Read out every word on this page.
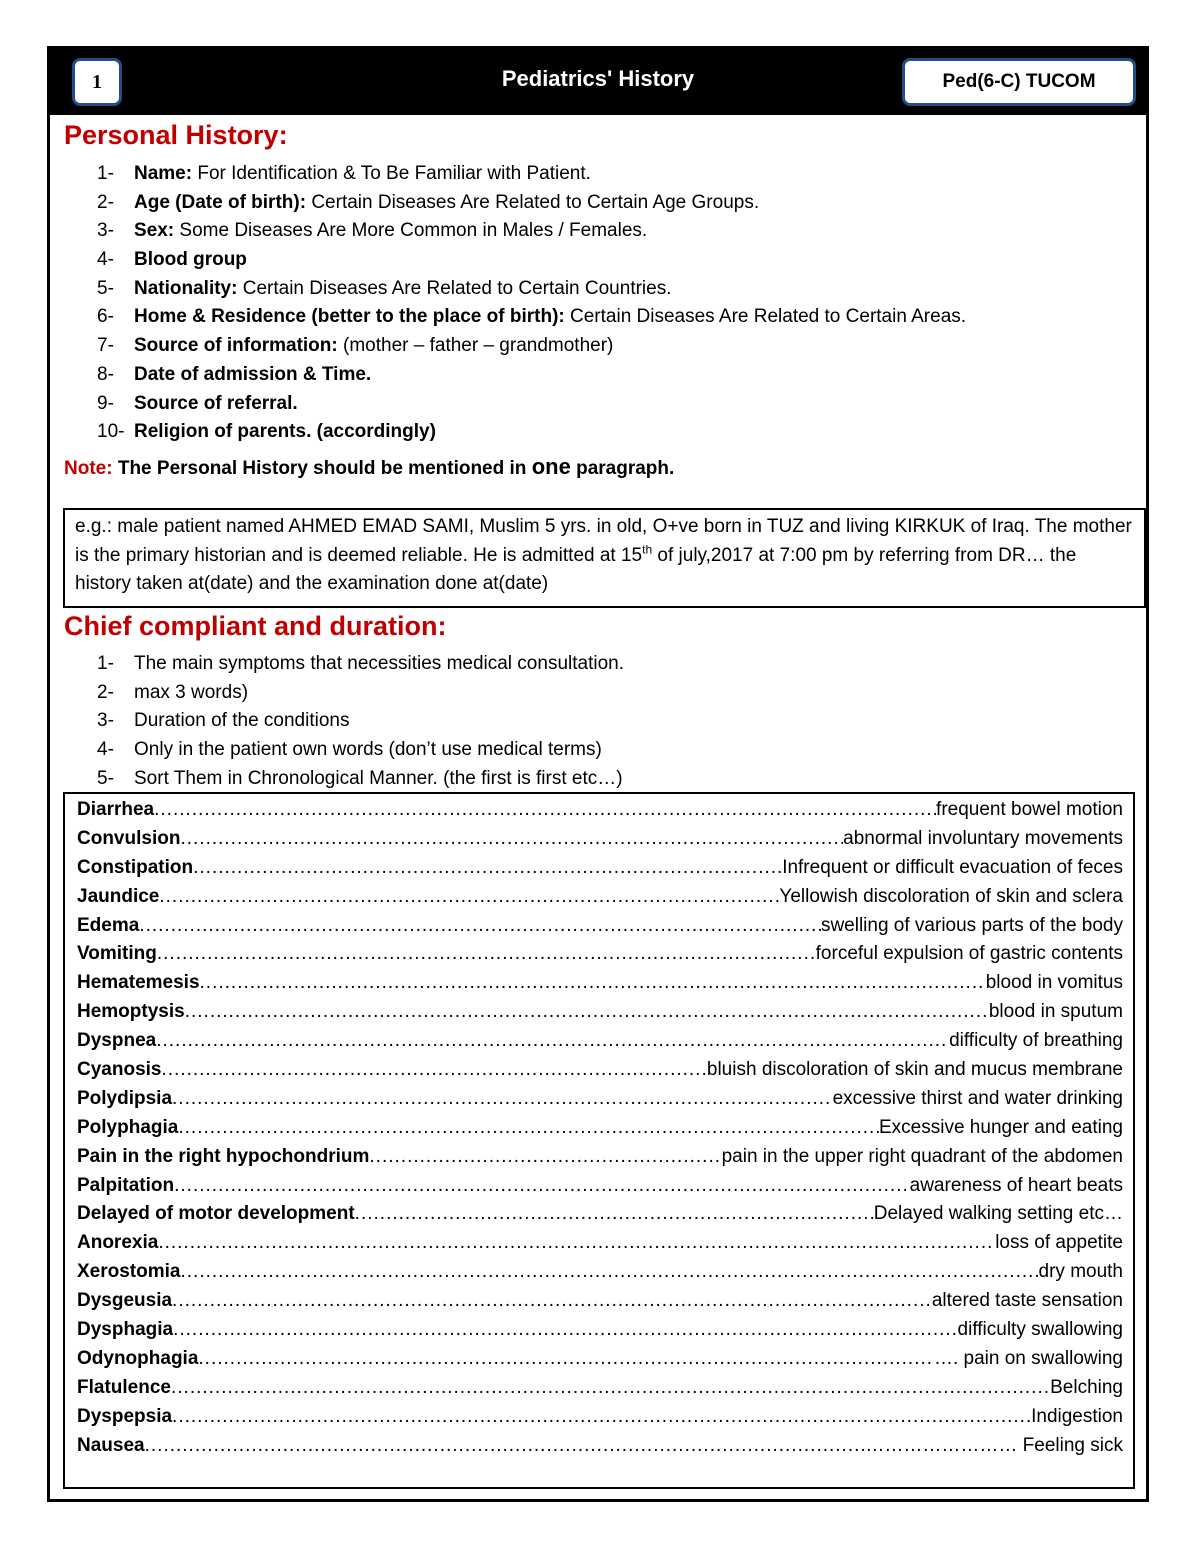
1	Pediatrics' History	Ped(6-C) TUCOM
Personal History:
1- Name: For Identification & To Be Familiar with Patient.
2- Age (Date of birth): Certain Diseases Are Related to Certain Age Groups.
3- Sex: Some Diseases Are More Common in Males / Females.
4- Blood group
5- Nationality: Certain Diseases Are Related to Certain Countries.
6- Home & Residence (better to the place of birth): Certain Diseases Are Related to Certain Areas.
7- Source of information: (mother – father – grandmother)
8- Date of admission & Time.
9- Source of referral.
10- Religion of parents. (accordingly)
Note: The Personal History should be mentioned in one paragraph.
e.g.: male patient named AHMED EMAD SAMI, Muslim 5 yrs. in old, O+ve born in TUZ and living KIRKUK of Iraq. The mother is the primary historian and is deemed reliable. He is admitted at 15th of july,2017 at 7:00 pm by referring from DR… the history taken at(date) and the examination done at(date)
Chief compliant and duration:
1- The main symptoms that necessities medical consultation.
2- max 3 words)
3- Duration of the conditions
4- Only in the patient own words (don’t use medical terms)
5- Sort Them in Chronological Manner. (the first is first etc…)
Diarrhea .....	frequent bowel motion
Convulsion .....	abnormal involuntary movements
Constipation .....	Infrequent or difficult evacuation of feces
Jaundice .....	Yellowish discoloration of skin and sclera
Edema .....	swelling of various parts of the body
Vomiting .....	forceful expulsion of gastric contents
Hematemesis .....	blood in vomitus
Hemoptysis .....	blood in sputum
Dyspnea .....	difficulty of breathing
Cyanosis .....	bluish discoloration of skin and mucus membrane
Polydipsia .....	excessive thirst and water drinking
Polyphagia .....	Excessive hunger and eating
Pain in the right hypochondrium .....	pain in the upper right quadrant of the abdomen
Palpitation .....	awareness of heart beats
Delayed of motor development .....	Delayed walking setting etc…
Anorexia .....	loss of appetite
Xerostomia .....	dry mouth
Dysgeusia .....	altered taste sensation
Dysphagia .....	difficulty swallowing
Odynophagia .....	…. pain on swallowing
Flatulence .....	Belching
Dyspepsia .....	Indigestion
Nausea .....	…………………… Feeling sick
